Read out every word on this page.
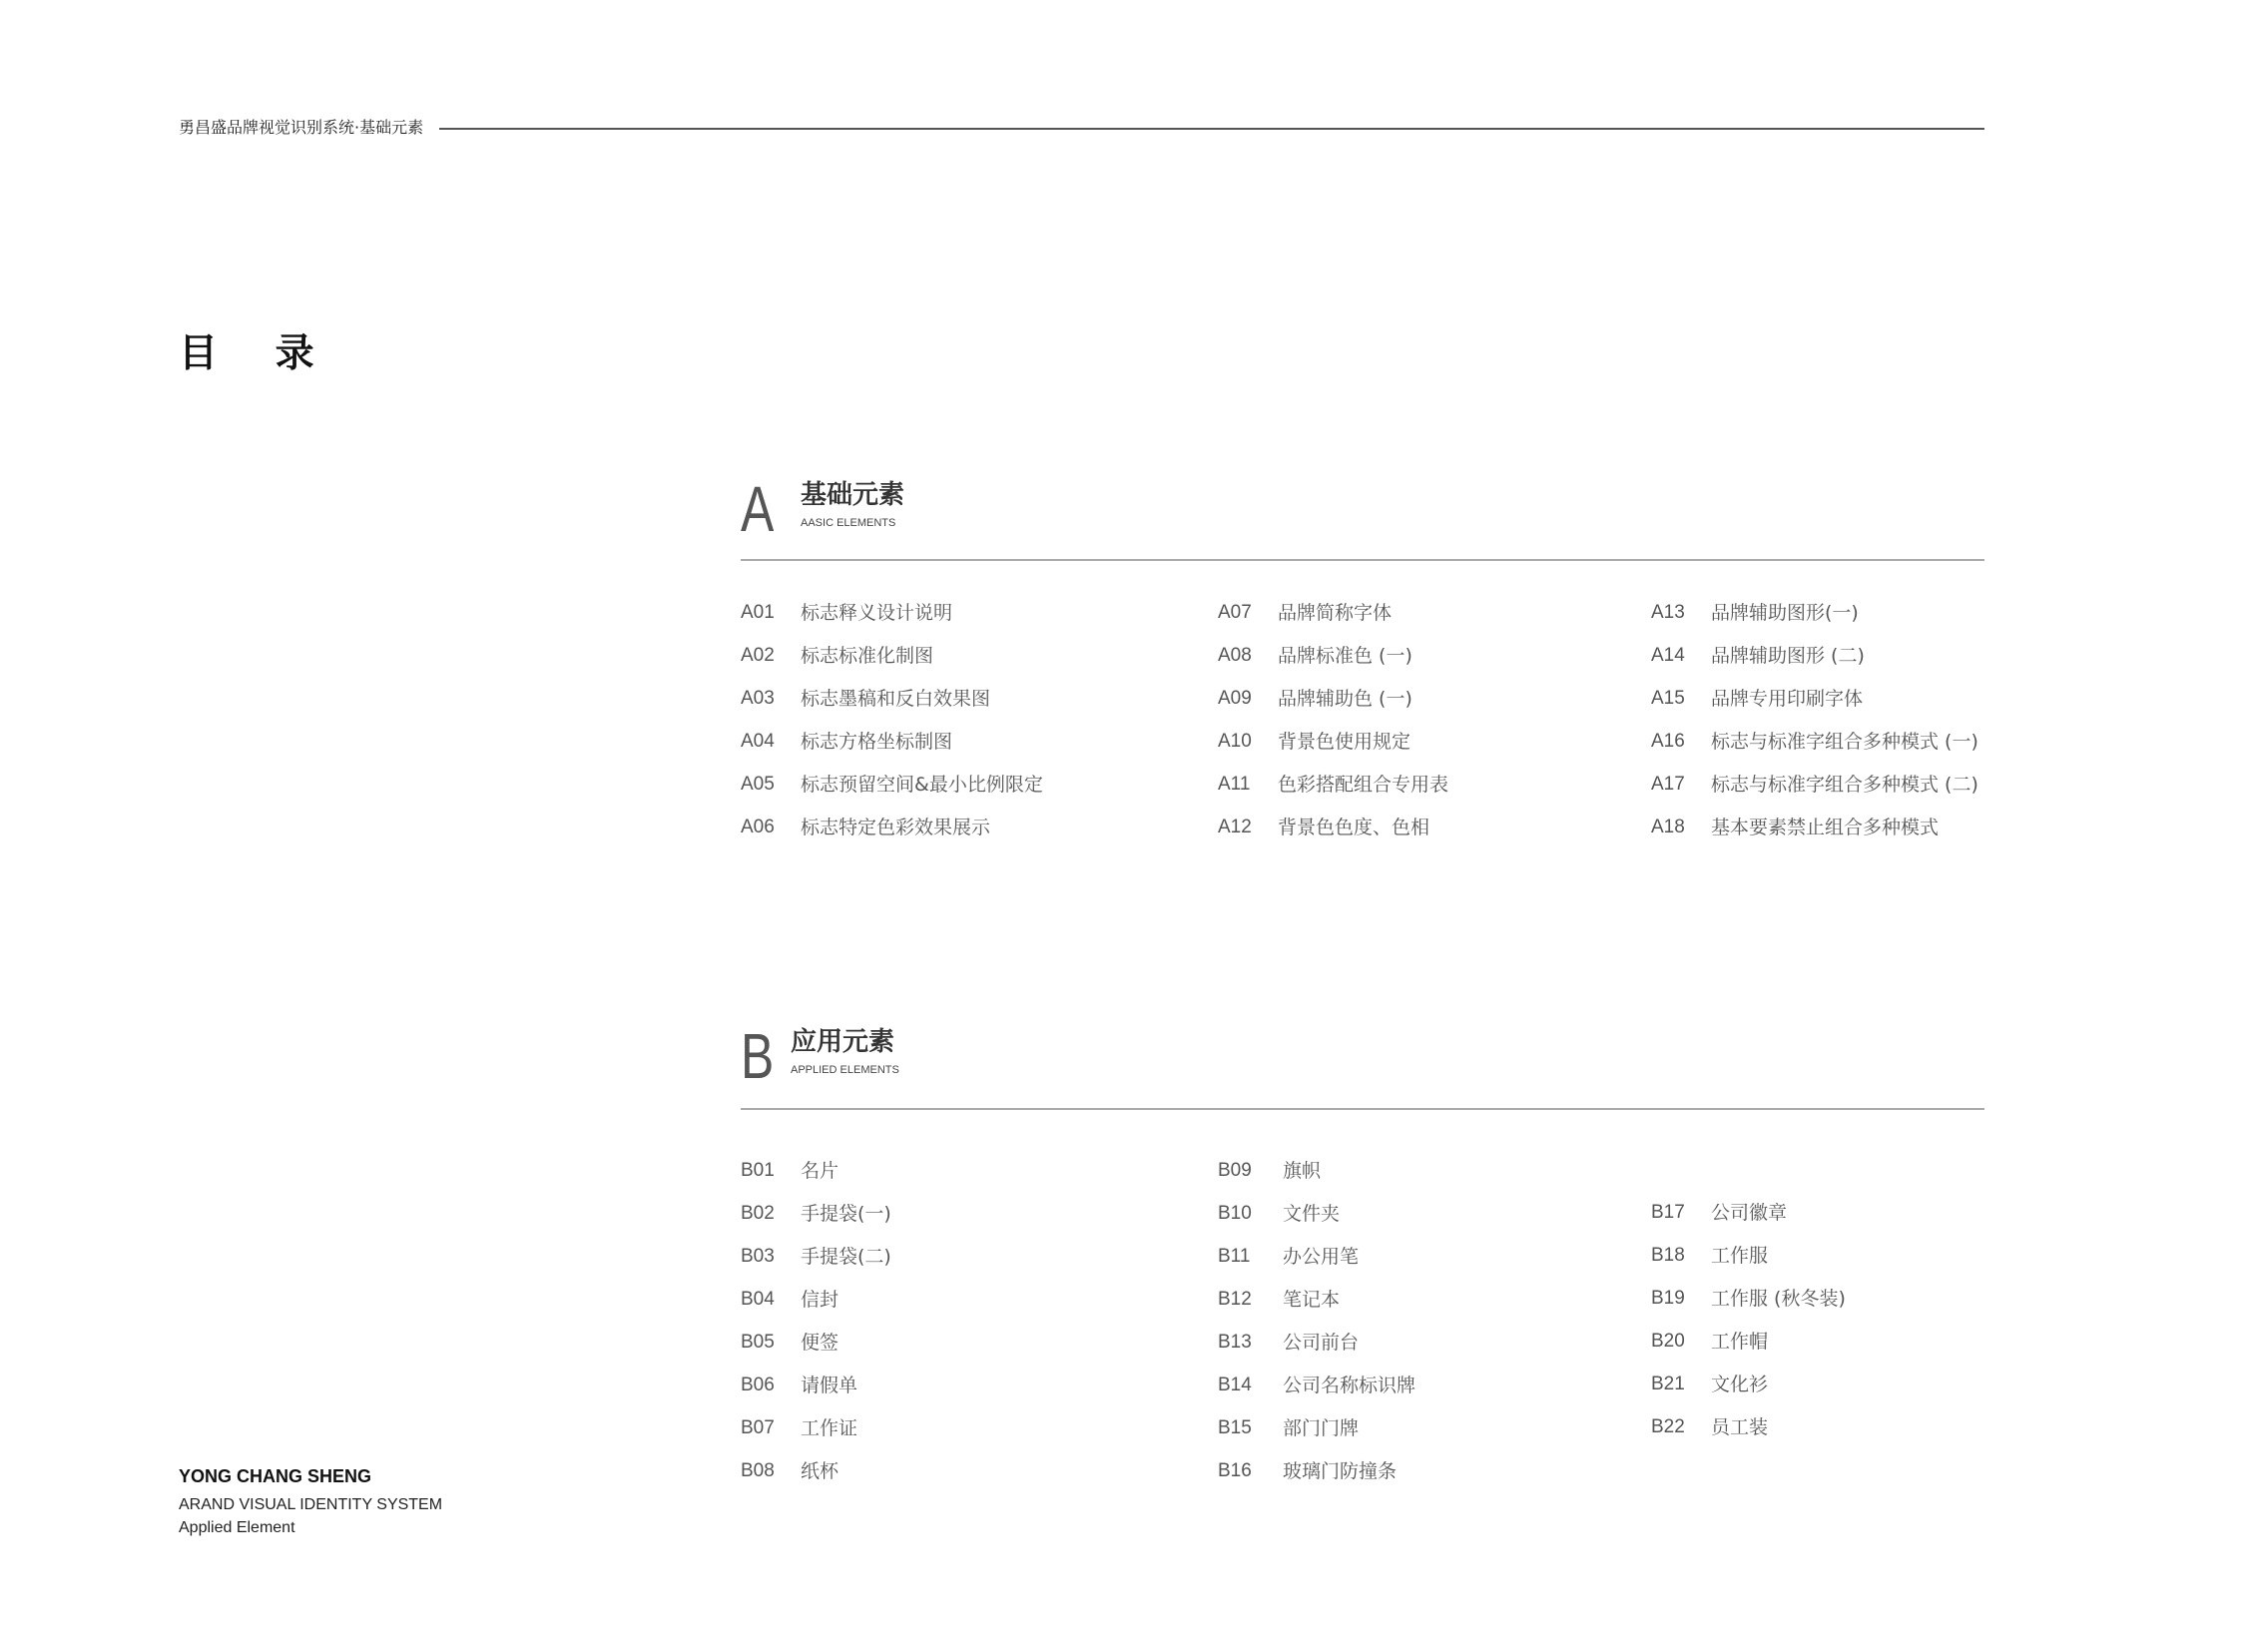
勇昌盛品牌视觉识别系统·基础元素
目 录
A 基础元素
AASIC ELEMENTS
A01 标志释义设计说明
A02 标志标准化制图
A03 标志墨稿和反白效果图
A04 标志方格坐标制图
A05 标志预留空间&最小比例限定
A06 标志特定色彩效果展示
A07 品牌简称字体
A08 品牌标准色 (一)
A09 品牌辅助色 (一)
A10 背景色使用规定
A11 色彩搭配组合专用表
A12 背景色色度、色相
A13 品牌辅助图形(一)
A14 品牌辅助图形 (二)
A15 品牌专用印刷字体
A16 标志与标准字组合多种模式 (一)
A17 标志与标准字组合多种模式 (二)
A18 基本要素禁止组合多种模式
B 应用元素
APPLIED ELEMENTS
B01 名片
B02 手提袋(一)
B03 手提袋(二)
B04 信封
B05 便签
B06 请假单
B07 工作证
B08 纸杯
B09 旗帜
B10 文件夹
B11 办公用笔
B12 笔记本
B13 公司前台
B14 公司名称标识牌
B15 部门门牌
B16 玻璃门防撞条
B17 公司徽章
B18 工作服
B19 工作服 (秋冬装)
B20 工作帽
B21 文化衫
B22 员工装
YONG CHANG SHENG
ARAND VISUAL IDENTITY SYSTEM
Applied Element
